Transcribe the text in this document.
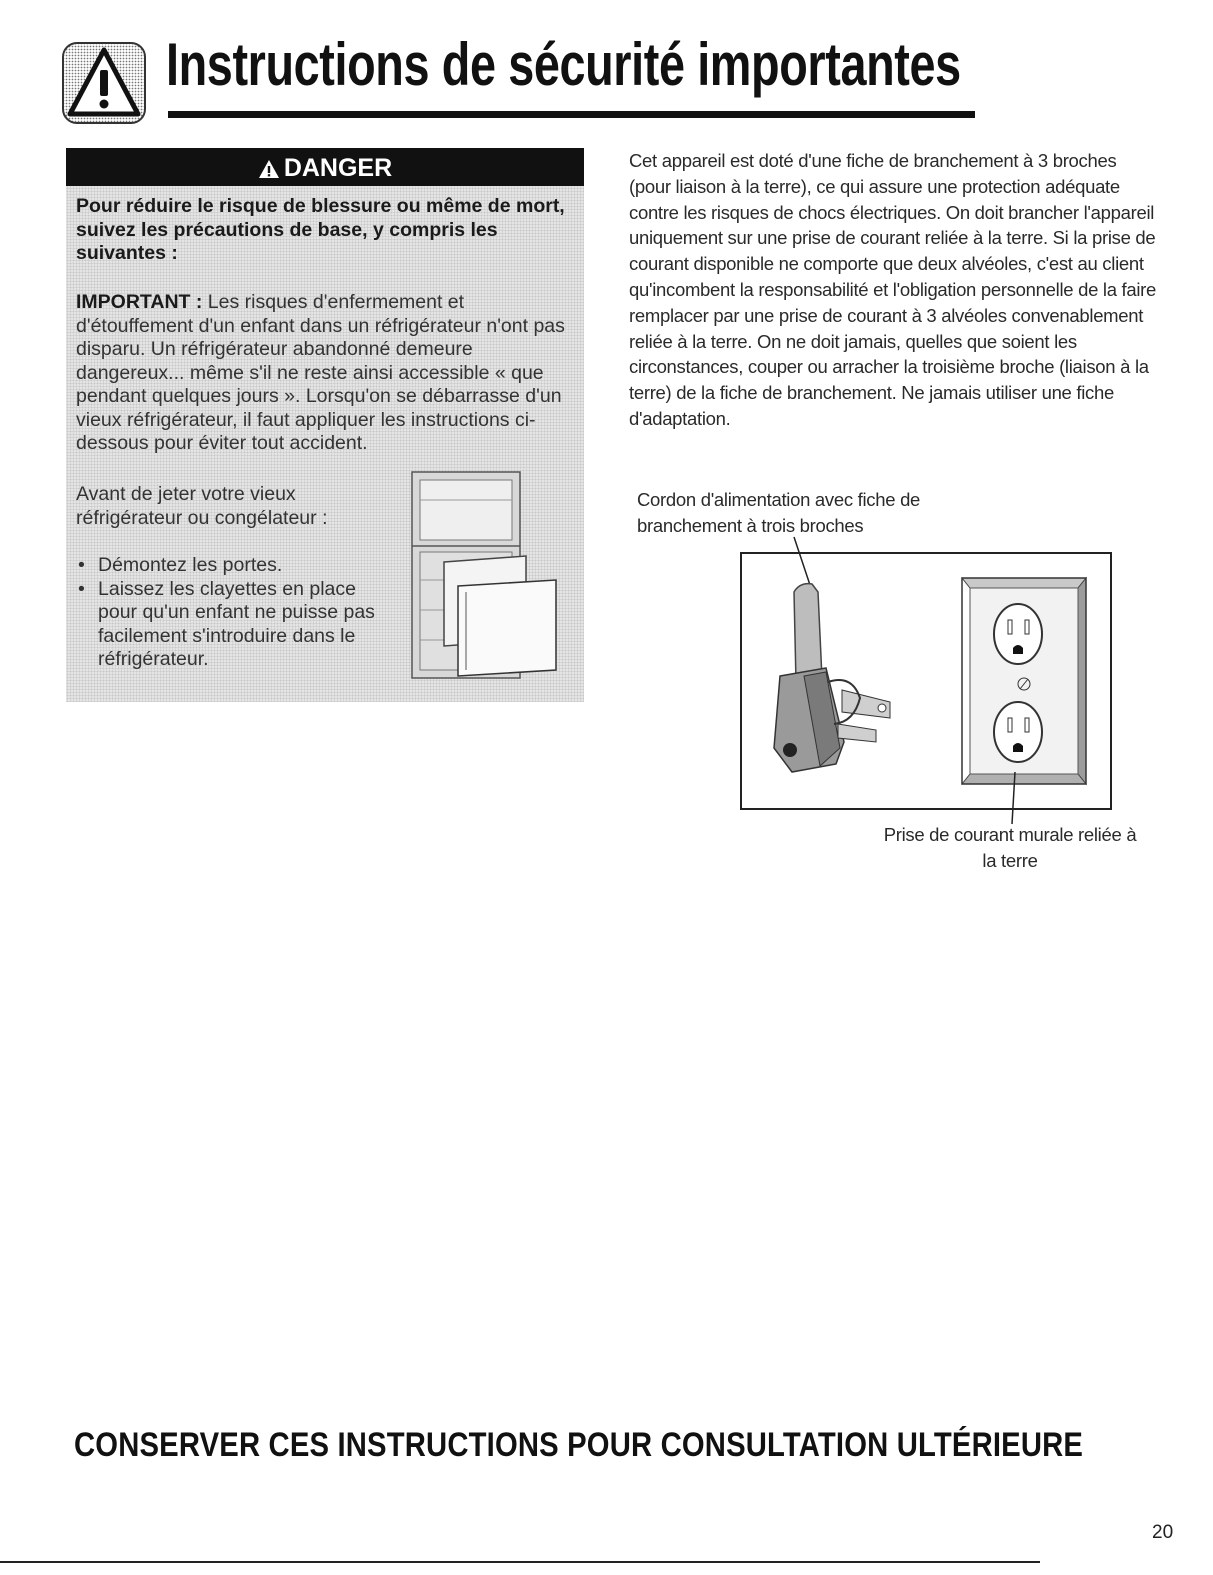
Instructions de sécurité importantes
DANGER
Pour réduire le risque de blessure ou même de mort, suivez les précautions de base, y compris les suivantes :
IMPORTANT : Les risques d'enfermement et d'étouffement d'un enfant dans un réfrigérateur n'ont pas disparu. Un réfrigérateur abandonné demeure dangereux... même s'il ne reste ainsi accessible « que pendant quelques jours ». Lorsqu'on se débarrasse d'un vieux réfrigérateur, il faut appliquer les instructions ci-dessous pour éviter tout accident.
Avant de jeter votre vieux réfrigérateur ou congélateur :
• Démontez les portes.
• Laissez les clayettes en place pour qu'un enfant ne puisse pas facilement s'introduire dans le réfrigérateur.

Cet appareil est doté d'une fiche de branchement à 3 broches (pour liaison à la terre), ce qui assure une protection adéquate contre les risques de chocs électriques. On doit brancher l'appareil uniquement sur une prise de courant reliée à la terre. Si la prise de courant disponible ne comporte que deux alvéoles, c'est au client qu'incombent la responsabilité et l'obligation personnelle de la faire remplacer par une prise de courant à 3 alvéoles convenablement reliée à la terre. On ne doit jamais, quelles que soient les circonstances, couper ou arracher la troisième broche (liaison à la terre) de la fiche de branchement. Ne jamais utiliser une fiche d'adaptation.

Cordon d'alimentation avec fiche de branchement à trois broches
Prise de courant murale reliée à la terre
CONSERVER CES INSTRUCTIONS POUR CONSULTATION ULTÉRIEURE
20
